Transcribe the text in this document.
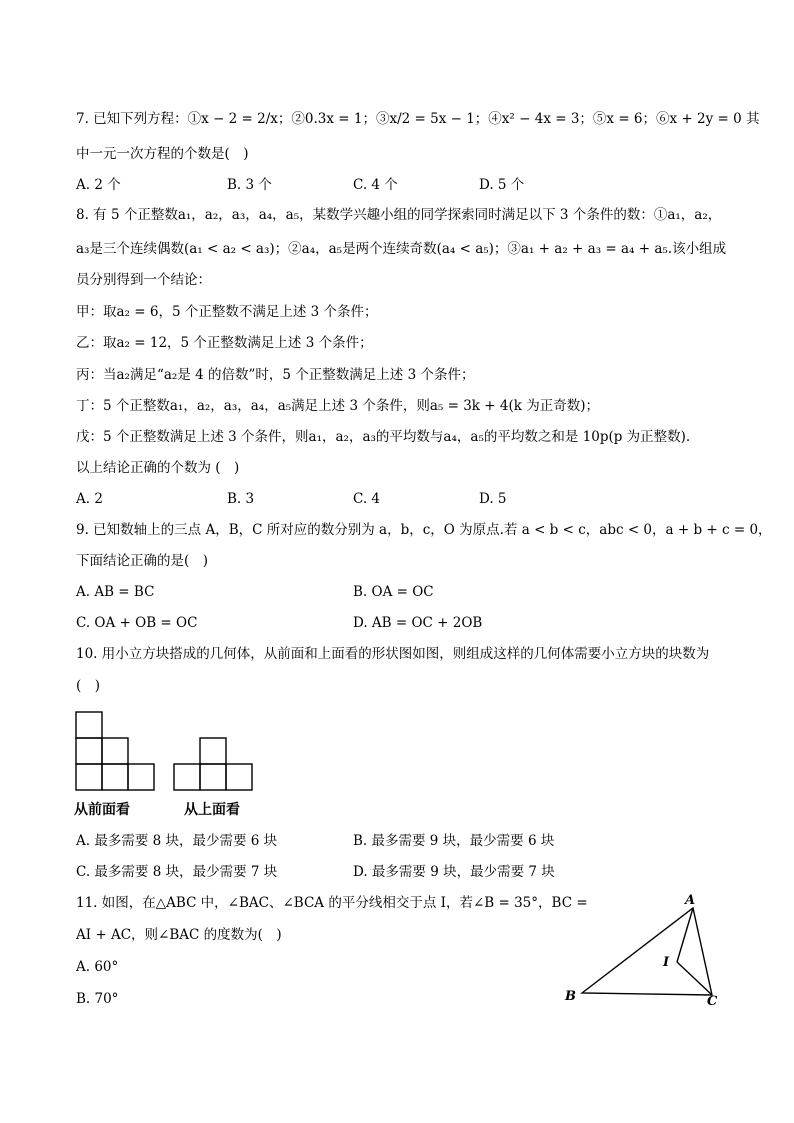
7. 已知下列方程：①x − 2 = 2/x；②0.3x = 1；③x/2 = 5x − 1；④x² − 4x = 3；⑤x = 6；⑥x + 2y = 0 其
中一元一次方程的个数是(　)
A. 2 个	B. 3 个	C. 4 个	D. 5 个
8. 有 5 个正整数a₁，a₂，a₃，a₄，a₅，某数学兴趣小组的同学探索同时满足以下 3 个条件的数：①a₁，a₂，
a₃是三个连续偶数(a₁ < a₂ < a₃)；②a₄，a₅是两个连续奇数(a₄ < a₅)；③a₁ + a₂ + a₃ = a₄ + a₅.该小组成
员分别得到一个结论：
甲：取a₂ = 6，5 个正整数不满足上述 3 个条件；
乙：取a₂ = 12，5 个正整数满足上述 3 个条件；
丙：当a₂满足“a₂是 4 的倍数”时，5 个正整数满足上述 3 个条件；
丁：5 个正整数a₁，a₂，a₃，a₄，a₅满足上述 3 个条件，则a₅ = 3k + 4(k 为正奇数)；
戊：5 个正整数满足上述 3 个条件，则a₁，a₂，a₃的平均数与a₄，a₅的平均数之和是 10p(p 为正整数).
以上结论正确的个数为 (　)
A. 2	B. 3	C. 4	D. 5
9. 已知数轴上的三点 A，B，C 所对应的数分别为 a，b，c，O 为原点.若 a < b < c，abc < 0，a + b + c = 0，
下面结论正确的是(　)
A. AB = BC	B. OA = OC
C. OA + OB = OC	D. AB = OC + 2OB
10. 用小立方块搭成的几何体，从前面和上面看的形状图如图，则组成这样的几何体需要小立方块的块数为
(　)
从前面看	从上面看
A. 最多需要 8 块，最少需要 6 块	B. 最多需要 9 块，最少需要 6 块
C. 最多需要 8 块，最少需要 7 块	D. 最多需要 9 块，最少需要 7 块
11. 如图，在△ABC 中，∠BAC、∠BCA 的平分线相交于点 I，若∠B = 35°，BC =
AI + AC，则∠BAC 的度数为(　)
A. 60°
B. 70°
A
B	C
I
